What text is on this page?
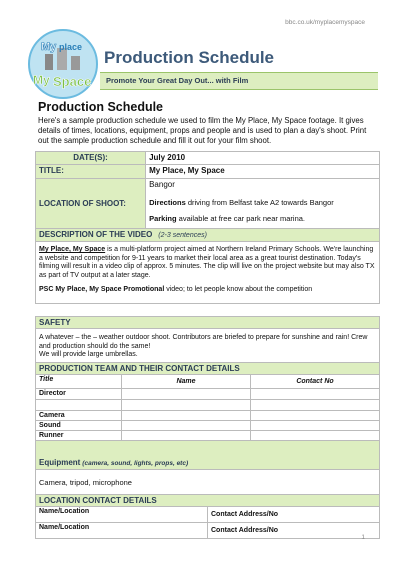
bbc.co.uk/myplacemyspace
My place
My Space
Production Schedule
Promote Your Great Day Out... with Film
Production Schedule
Here's a sample production schedule we used to film the My Place, My Space footage. It gives details of times, locations, equipment, props and people and is used to plan a day's shoot. Print out the sample production schedule and fill it out for your film shoot.
DATE(S):	July 2010
TITLE:	My Place, My Space
LOCATION OF SHOOT:	Bangor
Directions driving from Belfast take A2 towards Bangor
Parking available at free car park near marina.

DESCRIPTION OF THE VIDEO (2-3 sentences)	
My Place, My Space is a multi-platform project aimed at Northern Ireland Primary Schools. We're launching a website and competition for 9-11 years to market their local area as a great tourist destination. Today's filming will result in a video clip of approx. 5 minutes. The clip will live on the project website but may also TX as part of TV output at a later stage.
PSC My Place, My Space Promotional video; to let people know about the competition	
SAFETY			

A whatever – the – weather outdoor shoot. Contributors are briefed to prepare for sunshine and rain! Crew and production should do the same!
We will provide large umbrellas.			

PRODUCTION TEAM AND THEIR CONTACT DETAILS			
Title	Name		Contact No
Director			

Camera			
Sound			
Runner			
Equipment (camera, sound, lights, props, etc)			
Camera, tripod, microphone			
LOCATION CONTACT DETAILS			
Name/Location		Contact Address/No	
Name/Location		Contact Address/No	
1
